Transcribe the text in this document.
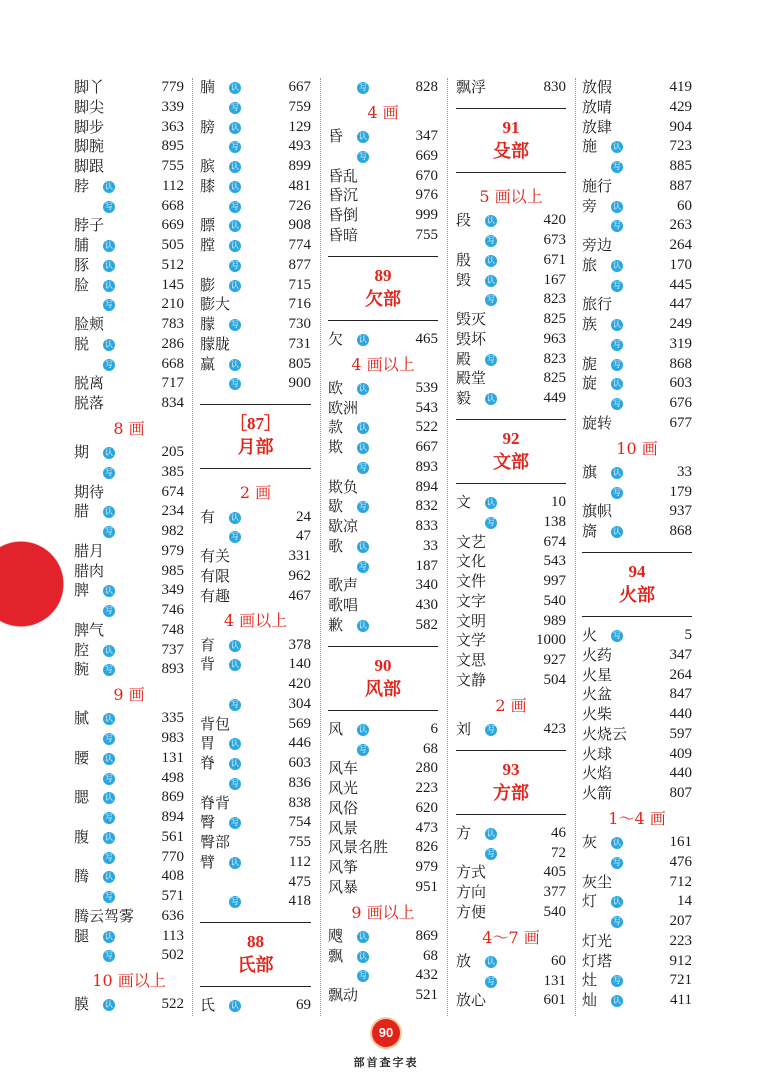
脚丫	779
脚尖	339
脚步	363
脚腕	895
脚跟	755
脖 认	112
写	668
脖子	669
脯 认	505
豚 认	512
脸 认	145
写	210
脸颊	783
脱 认	286
写	668
脱离	717
脱落	834
8 画
期 认	205
写	385
期待	674
腊 认	234
写	982
腊月	979
腊肉	985
脾 认	349
写	746
脾气	748
腔 认	737
腕 写	893
9 画
腻 认	335
写	983
腰 认	131
写	498
腮 认	869
写	894
腹 认	561
写	770
腾 认	408
写	571
腾云驾雾 636
腿 认	113
写	502
10 画以上
膜 认	522
腩 认	667
写	759
膀 认	129
写	493
膑 认	899
膝 认	481
写	726
膘 认	908
膛 认	774
写	877
膨 认	715
膨大	716
朦 写	730
朦胧	731
赢 认	805
写	900
［87］
月部
2 画
有 认	24
写	47
有关	331
有限	962
有趣	467
4 画以上
育 认	378
背 认	140
420
写	304
背包	569
胃 认	446
脊 认	603
写	836
脊背	838
臀 写	754
臀部	755
臂 认	112
475
写	418
88
氏部
氏 认	69
写	828
4 画
昏 认	347
写	669
昏乱	670
昏沉	976
昏倒	999
昏暗	755
89
欠部
欠 认	465
4 画以上
欧 认	539
欧洲	543
款 认	522
欺 认	667
写	893
欺负	894
歇 写	832
歇凉	833
歌 认	33
写	187
歌声	340
歌唱	430
歉 认	582
90
风部
风 认	6
写	68
风车	280
风光	223
风俗	620
风景	473
风景名胜 826
风筝	979
风暴	951
9 画以上
飕 认	869
飘 认	68
写	432
飘动	521
飘浮	830
91
殳部
5 画以上
段 认	420
写	673
殷 认	671
毁 认	167
写	823
毁灭	825
毁坏	963
殿 写	823
殿堂	825
毅 认	449
92
文部
文 认	10
写	138
文艺	674
文化	543
文件	997
文字	540
文明	989
文学	1000
文思	927
文静	504
2 画
刘 写	423
93
方部
方 认	46
写	72
方式	405
方向	377
方便	540
4～7 画
放 认	60
写	131
放心	601
放假	419
放晴	429
放肆	904
施 认	723
写	885
施行	887
旁 认	60
写	263
旁边	264
旅 认	170
写	445
旅行	447
族 认	249
写	319
旎 写	868
旋 认	603
写	676
旋转	677
10 画
旗 认	33
写	179
旗帜	937
旖 认	868
94
火部
火 写	5
火药	347
火星	264
火盆	847
火柴	440
火烧云	597
火球	409
火焰	440
火箭	807
1～4 画
灰 认	161
写	476
灰尘	712
灯 认	14
写	207
灯光	223
灯塔	912
灶 写	721
灿 认	411
90
部首查字表
